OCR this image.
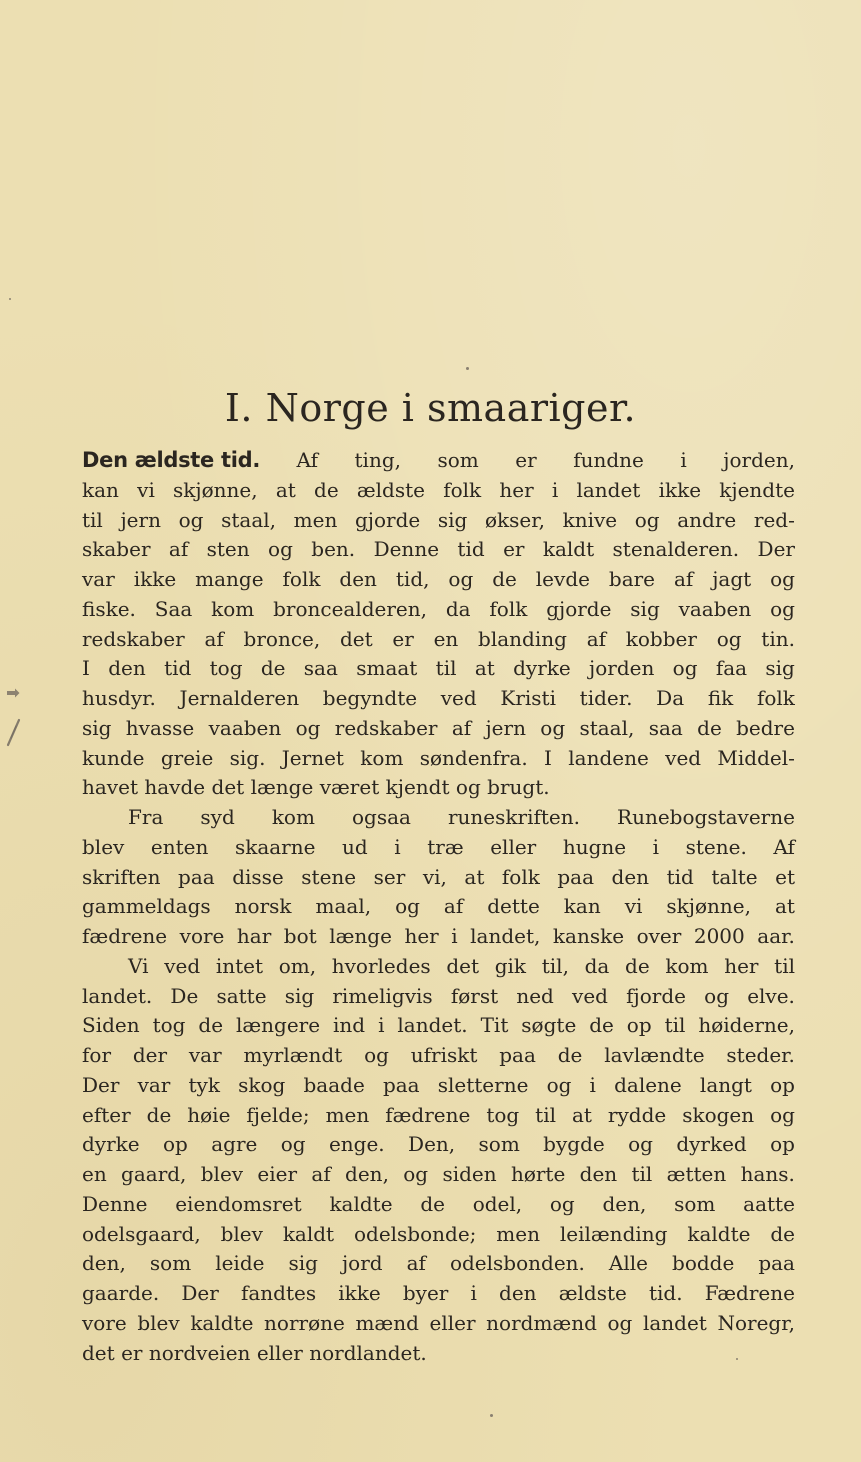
I. Norge i smaariger.
Den ældste tid. Af ting, som er fundne i jorden,
kan vi skjønne, at de ældste folk her i landet ikke kjendte
til jern og staal, men gjorde sig økser, knive og andre red-
skaber af sten og ben. Denne tid er kaldt stenalderen. Der
var ikke mange folk den tid, og de levde bare af jagt og
fiske. Saa kom broncealderen, da folk gjorde sig vaaben og
redskaber af bronce, det er en blanding af kobber og tin.
I den tid tog de saa smaat til at dyrke jorden og faa sig
husdyr. Jernalderen begyndte ved Kristi tider. Da fik folk
sig hvasse vaaben og redskaber af jern og staal, saa de bedre
kunde greie sig. Jernet kom søndenfra. I landene ved Middel-
havet havde det længe været kjendt og brugt.
Fra syd kom ogsaa runeskriften. Runebogstaverne
blev enten skaarne ud i træ eller hugne i stene. Af
skriften paa disse stene ser vi, at folk paa den tid talte et
gammeldags norsk maal, og af dette kan vi skjønne, at
fædrene vore har bot længe her i landet, kanske over 2000 aar.
Vi ved intet om, hvorledes det gik til, da de kom her til
landet. De satte sig rimeligvis først ned ved fjorde og elve.
Siden tog de længere ind i landet. Tit søgte de op til høiderne,
for der var myrlændt og ufriskt paa de lavlændte steder.
Der var tyk skog baade paa sletterne og i dalene langt op
efter de høie fjelde; men fædrene tog til at rydde skogen og
dyrke op agre og enge. Den, som bygde og dyrked op
en gaard, blev eier af den, og siden hørte den til ætten hans.
Denne eiendomsret kaldte de odel, og den, som aatte
odelsgaard, blev kaldt odelsbonde; men leilænding kaldte de
den, som leide sig jord af odelsbonden. Alle bodde paa
gaarde. Der fandtes ikke byer i den ældste tid. Fædrene
vore blev kaldte norrøne mænd eller nordmænd og landet Noregr,
det er nordveien eller nordlandet.
